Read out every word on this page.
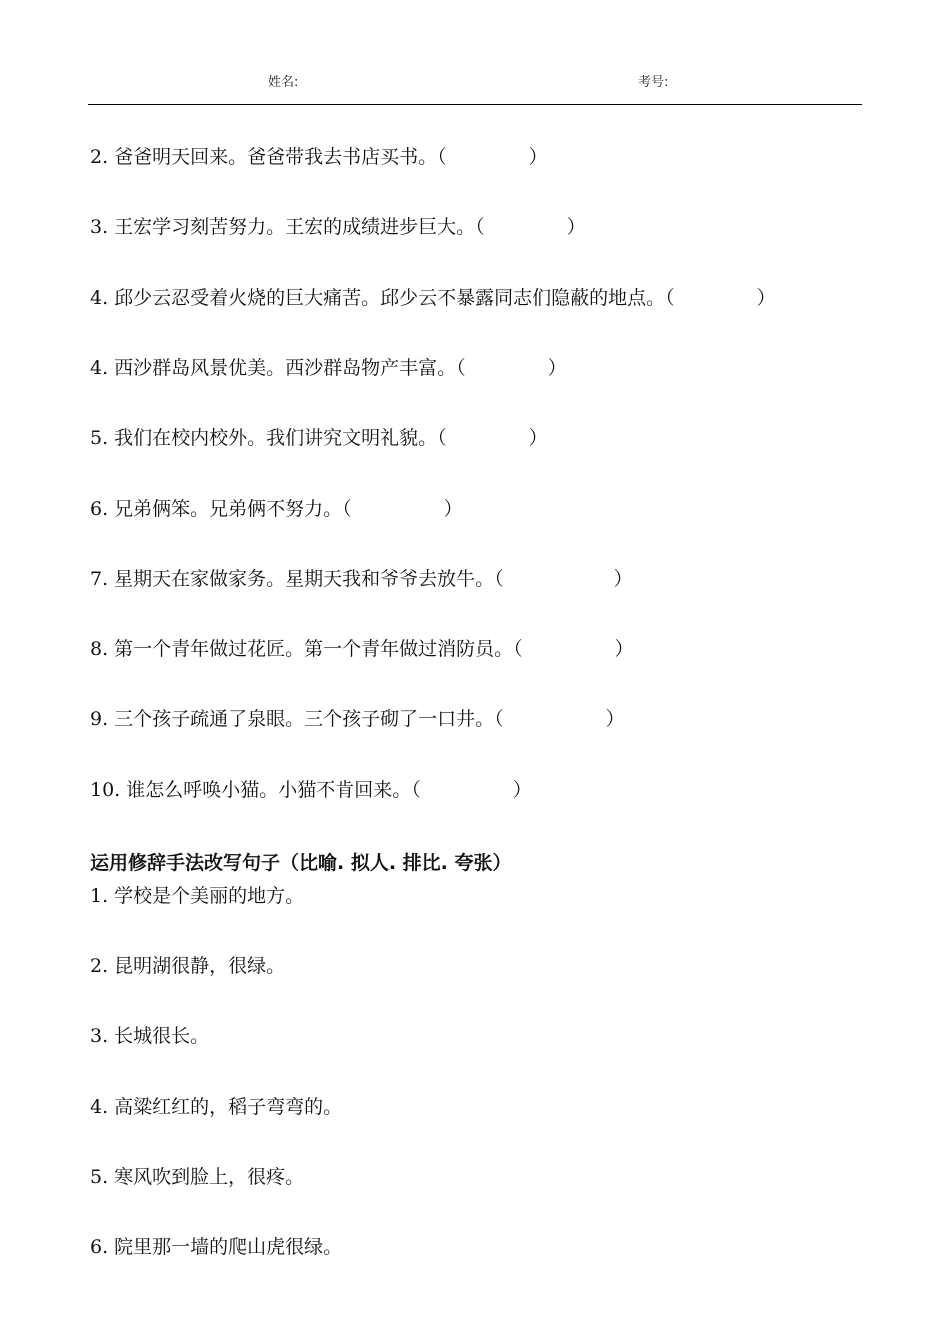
姓名:	考号:
2. 爸爸明天回来。爸爸带我去书店买书。（	）
3. 王宏学习刻苦努力。王宏的成绩进步巨大。（	）
4. 邱少云忍受着火烧的巨大痛苦。邱少云不暴露同志们隐蔽的地点。（	）
4. 西沙群岛风景优美。西沙群岛物产丰富。（	）
5. 我们在校内校外。我们讲究文明礼貌。（	）
6. 兄弟俩笨。兄弟俩不努力。（	）
7. 星期天在家做家务。星期天我和爷爷去放牛。（	）
8. 第一个青年做过花匠。第一个青年做过消防员。（	）
9. 三个孩子疏通了泉眼。三个孩子砌了一口井。（	）
10. 谁怎么呼唤小猫。小猫不肯回来。（	）
运用修辞手法改写句子（比喻. 拟人. 排比. 夸张）
1. 学校是个美丽的地方。
2. 昆明湖很静，很绿。
3. 长城很长。
4. 高粱红红的，稻子弯弯的。
5. 寒风吹到脸上，很疼。
6. 院里那一墙的爬山虎很绿。
